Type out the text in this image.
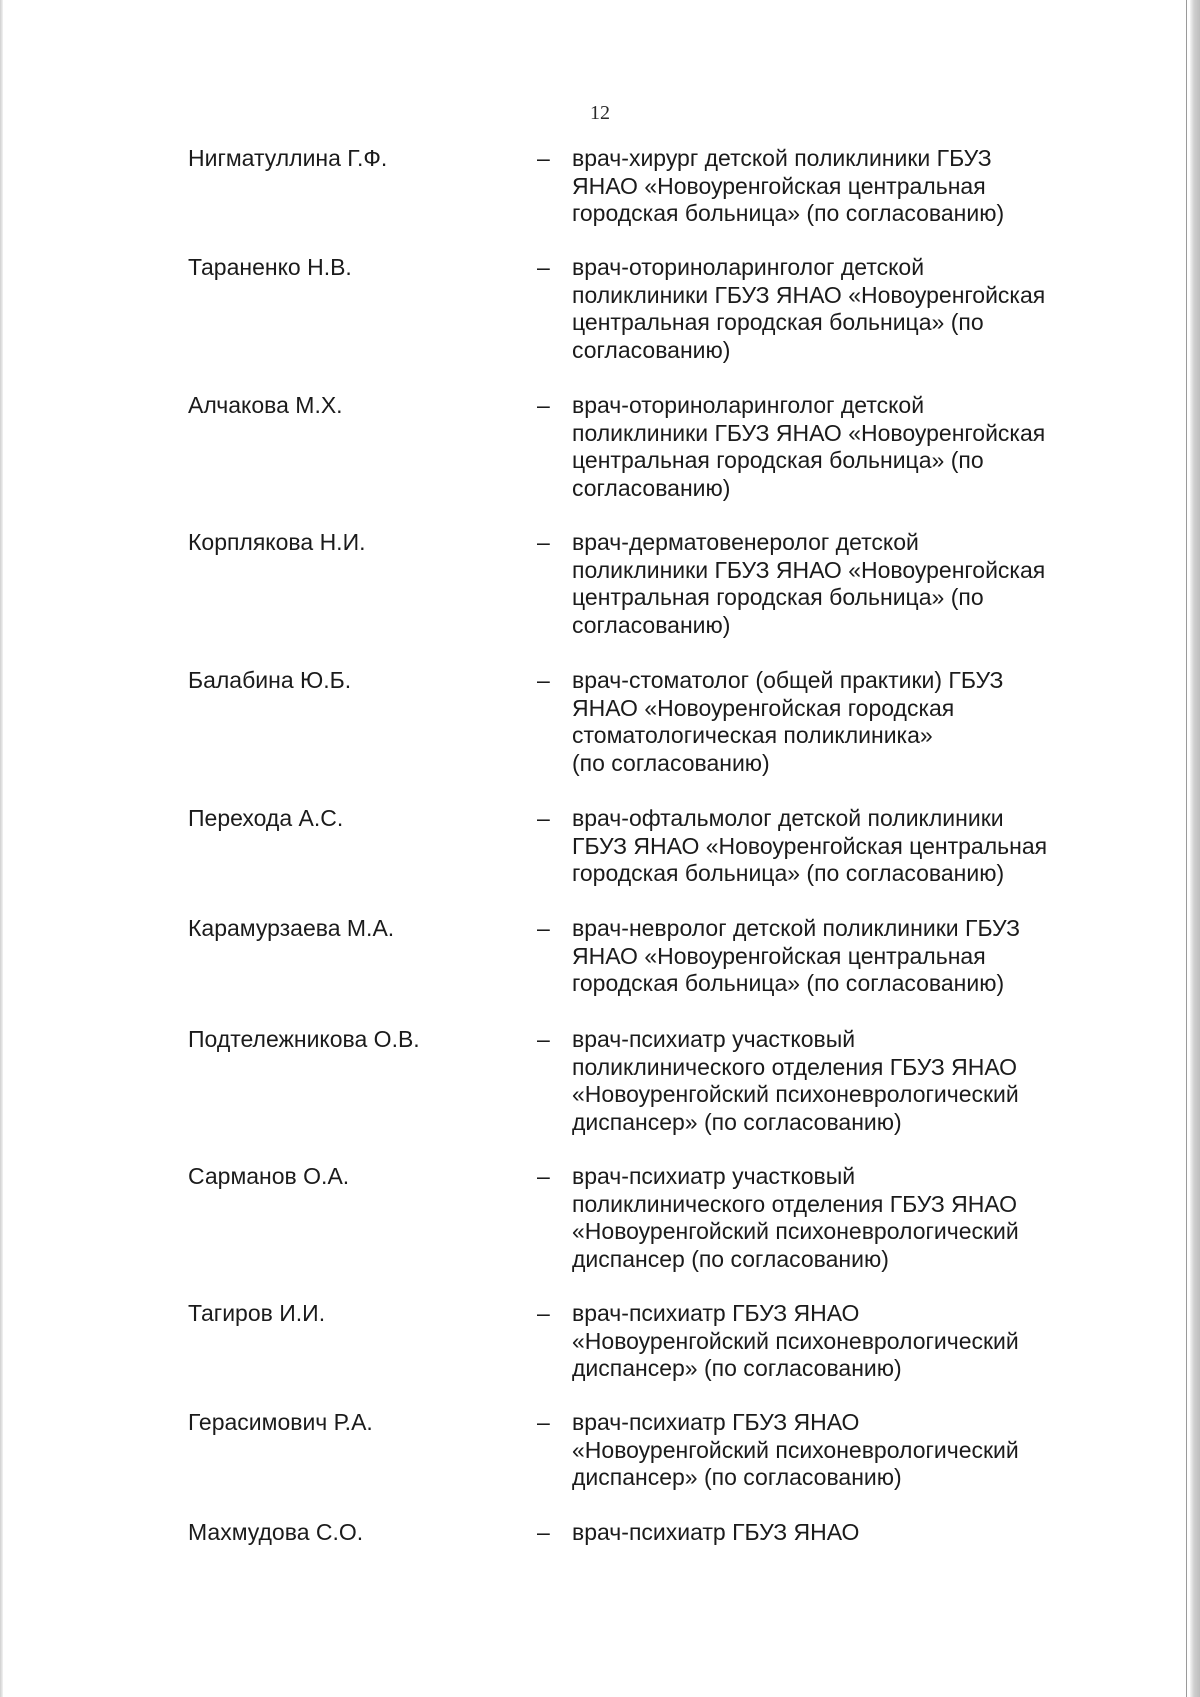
12
Нигматуллина Г.Ф.	– врач-хирург детской поликлиники ГБУЗ
ЯНАО «Новоуренгойская центральная
городская больница» (по согласованию)
Тараненко Н.В.	– врач-оториноларинголог детской
поликлиники ГБУЗ ЯНАО «Новоуренгойская
центральная городская больница» (по
согласованию)
Алчакова М.Х.	– врач-оториноларинголог детской
поликлиники ГБУЗ ЯНАО «Новоуренгойская
центральная городская больница» (по
согласованию)
Корплякова Н.И.	– врач-дерматовенеролог детской
поликлиники ГБУЗ ЯНАО «Новоуренгойская
центральная городская больница» (по
согласованию)
Балабина Ю.Б.	– врач-стоматолог (общей практики) ГБУЗ
ЯНАО «Новоуренгойская городская
стоматологическая поликлиника»
(по согласованию)
Перехода А.С.	– врач-офтальмолог детской поликлиники
ГБУЗ ЯНАО «Новоуренгойская центральная
городская больница» (по согласованию)
Карамурзаева М.А.	– врач-невролог детской поликлиники ГБУЗ
ЯНАО «Новоуренгойская центральная
городская больница» (по согласованию)
Подтележникова О.В.	– врач-психиатр участковый
поликлинического отделения ГБУЗ ЯНАО
«Новоуренгойский психоневрологический
диспансер» (по согласованию)
Сарманов О.А.	– врач-психиатр участковый
поликлинического отделения ГБУЗ ЯНАО
«Новоуренгойский психоневрологический
диспансер (по согласованию)
Тагиров И.И.	– врач-психиатр ГБУЗ ЯНАО
«Новоуренгойский психоневрологический
диспансер» (по согласованию)
Герасимович Р.А.	– врач-психиатр ГБУЗ ЯНАО
«Новоуренгойский психоневрологический
диспансер» (по согласованию)
Махмудова С.О.	– врач-психиатр ГБУЗ ЯНАО
